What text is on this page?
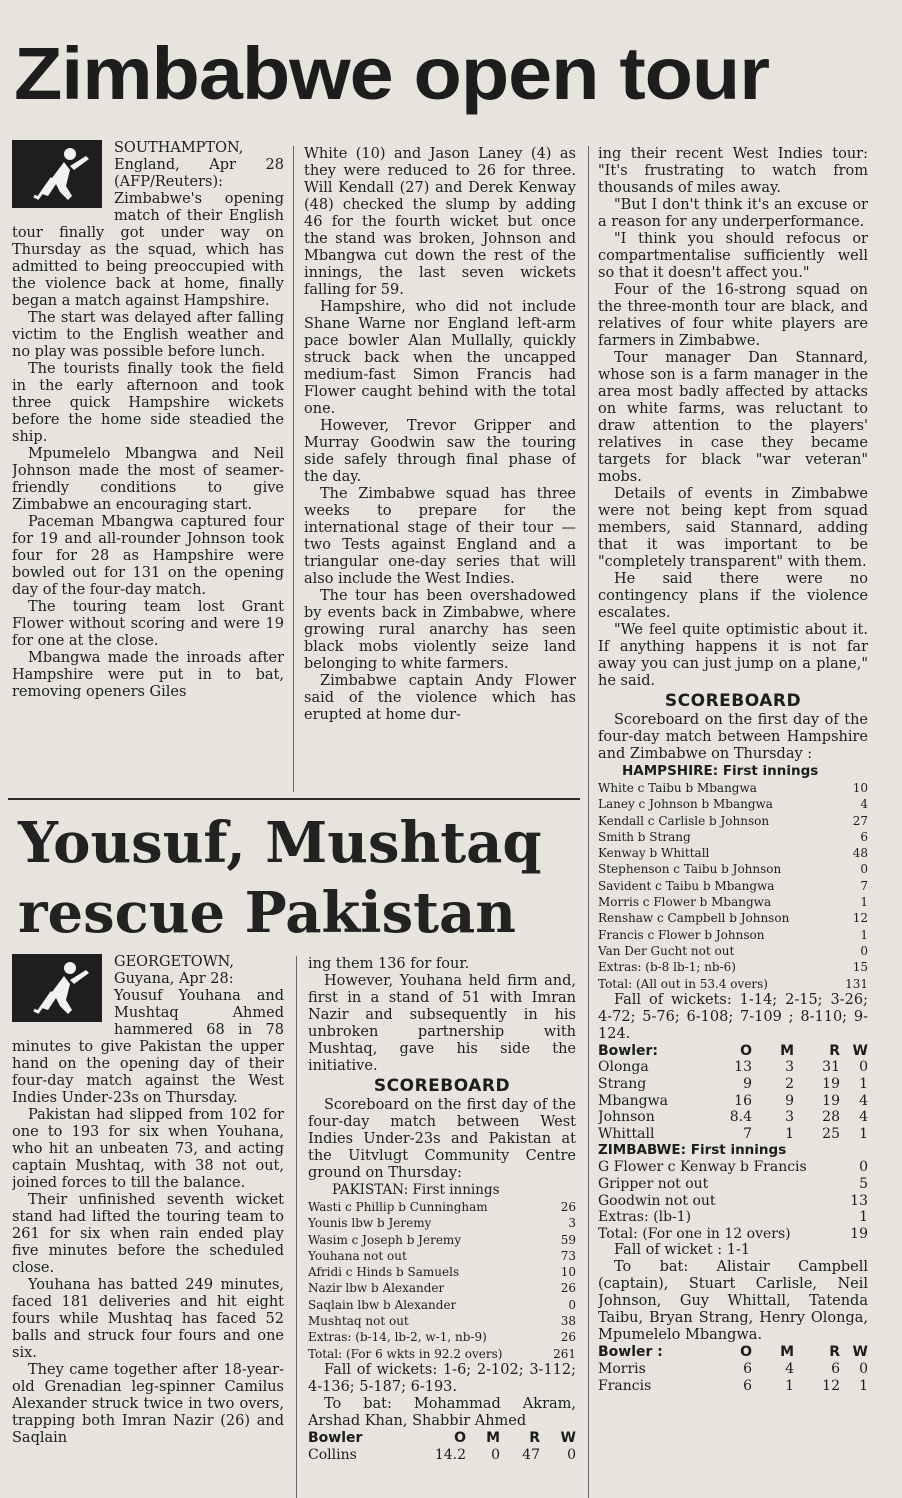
Zimbabwe open tour

SOUTHAMPTON, England, Apr 28 (AFP/Reuters):

Zimbabwe's opening match of their English tour finally got under way on Thursday as the squad, which has admitted to being preoccupied with the violence back at home, finally began a match against Hampshire.

The start was delayed after falling victim to the English weather and no play was possible before lunch.

The tourists finally took the field in the early afternoon and took three quick Hampshire wickets before the home side steadied the ship.

Mpumelelo Mbangwa and Neil Johnson made the most of seamer-friendly conditions to give Zimbabwe an encouraging start.

Paceman Mbangwa captured four for 19 and all-rounder Johnson took four for 28 as Hampshire were bowled out for 131 on the opening day of the four-day match.

The touring team lost Grant Flower without scoring and were 19 for one at the close.

Mbangwa made the inroads after Hampshire were put in to bat, removing openers Giles

White (10) and Jason Laney (4) as they were reduced to 26 for three. Will Kendall (27) and Derek Kenway (48) checked the slump by adding 46 for the fourth wicket but once the stand was broken, Johnson and Mbangwa cut down the rest of the innings, the last seven wickets falling for 59.

Hampshire, who did not include Shane Warne nor England left-arm pace bowler Alan Mullally, quickly struck back when the uncapped medium-fast Simon Francis had Flower caught behind with the total one.

However, Trevor Gripper and Murray Goodwin saw the touring side safely through final phase of the day.

The Zimbabwe squad has three weeks to prepare for the international stage of their tour — two Tests against England and a triangular one-day series that will also include the West Indies.

The tour has been overshadowed by events back in Zimbabwe, where growing rural anarchy has seen black mobs violently seize land belonging to white farmers.

Zimbabwe captain Andy Flower said of the violence which has erupted at home dur-

ing their recent West Indies tour: "It's frustrating to watch from thousands of miles away.

"But I don't think it's an excuse or a reason for any underperformance.

"I think you should refocus or compartmentalise sufficiently well so that it doesn't affect you."

Four of the 16-strong squad on the three-month tour are black, and relatives of four white players are farmers in Zimbabwe.

Tour manager Dan Stannard, whose son is a farm manager in the area most badly affected by attacks on white farms, was reluctant to draw attention to the players' relatives in case they became targets for black "war veteran" mobs.

Details of events in Zimbabwe were not being kept from squad members, said Stannard, adding that it was important to be "completely transparent" with them.

He said there were no contingency plans if the violence escalates.

"We feel quite optimistic about it. If anything happens it is not far away you can just jump on a plane," he said.

SCOREBOARD

Scoreboard on the first day of the four-day match between Hampshire and Zimbabwe on Thursday :

HAMPSHIRE: First innings
White c Taibu b Mbangwa	10
Laney c Johnson b Mbangwa	4
Kendall c Carlisle b Johnson	27
Smith b Strang	6
Kenway b Whittall	48
Stephenson c Taibu b Johnson	0
Savident c Taibu b Mbangwa	7
Morris c Flower b Mbangwa	1
Renshaw c Campbell b Johnson	12
Francis c Flower b Johnson	1
Van Der Gucht not out	0
Extras: (b-8 lb-1; nb-6)	15
Total: (All out in 53.4 overs)	131

Fall of wickets: 1-14; 2-15; 3-26; 4-72; 5-76; 6-108; 7-109 ; 8-110; 9-124.

Bowler:	O	M	R W
Olonga	13	3	31	0
Strang	9	2	19	1
Mbangwa	16	9	19	4
Johnson	8.4	3	28	4
Whittall	7	1	25	1
ZIMBABWE: First innings
G Flower c Kenway b Francis	0
Gripper not out	5
Goodwin not out	13
Extras: (lb-1)	1
Total: (For one in 12 overs)	19

Fall of wicket : 1-1

To bat: Alistair Campbell (captain), Stuart Carlisle, Neil Johnson, Guy Whittall, Tatenda Taibu, Bryan Strang, Henry Olonga, Mpumelelo Mbangwa.

Bowler :	O	M	R W
Morris	6	4	6	0
Francis	6	1	12	1
Yousuf, Mushtaq rescue Pakistan

GEORGETOWN, Guyana, Apr 28:

Yousuf Youhana and Mushtaq Ahmed hammered 68 in 78 minutes to give Pakistan the upper hand on the opening day of their four-day match against the West Indies Under-23s on Thursday.

Pakistan had slipped from 102 for one to 193 for six when Youhana, who hit an unbeaten 73, and acting captain Mushtaq, with 38 not out, joined forces to till the balance.

Their unfinished seventh wicket stand had lifted the touring team to 261 for six when rain ended play five minutes before the scheduled close.

Youhana has batted 249 minutes, faced 181 deliveries and hit eight fours while Mushtaq has faced 52 balls and struck four fours and one six.

They came together after 18-year-old Grenadian leg-spinner Camilus Alexander struck twice in two overs, trapping both Imran Nazir (26) and Saqlain

ing them 136 for four.

However, Youhana held firm and, first in a stand of 51 with Imran Nazir and subsequently in his unbroken partnership with Mushtaq, gave his side the initiative.

SCOREBOARD

Scoreboard on the first day of the four-day match between West Indies Under-23s and Pakistan at the Uitvlugt Community Centre ground on Thursday:

PAKISTAN: First innings
Wasti c Phillip b Cunningham	26
Younis lbw b Jeremy	3
Wasim c Joseph b Jeremy	59
Youhana not out	73
Afridi c Hinds b Samuels	10
Nazir lbw b Alexander	26
Saqlain lbw b Alexander	0
Mushtaq not out	38
Extras: (b-14, lb-2, w-1, nb-9)	26
Total: (For 6 wkts in 92.2 overs)	261

Fall of wickets: 1-6; 2-102; 3-112; 4-136; 5-187; 6-193.

To bat: Mohammad Akram, Arshad Khan, Shabbir Ahmed

Bowler	O	M	R	W
Collins	14.2	0	47	0
